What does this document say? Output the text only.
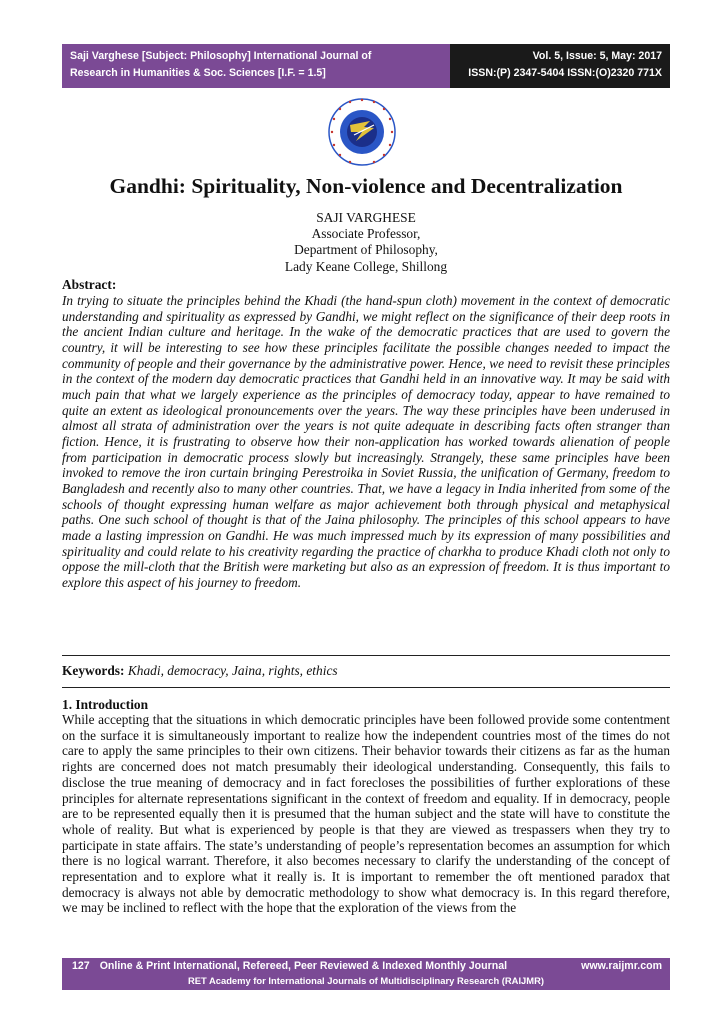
Saji Varghese [Subject: Philosophy] International Journal of
Research in Humanities & Soc. Sciences [I.F. = 1.5]
Vol. 5, Issue: 5, May: 2017
ISSN:(P) 2347-5404 ISSN:(O)2320 771X
Gandhi: Spirituality, Non-violence and Decentralization
SAJI VARGHESE
Associate Professor,
Department of Philosophy,
Lady Keane College, Shillong
Abstract:

In trying to situate the principles behind the Khadi (the hand-spun cloth) movement in the context of democratic understanding and spirituality as expressed by Gandhi, we might reflect on the significance of their deep roots in the ancient Indian culture and heritage. In the wake of the democratic practices that are used to govern the country, it will be interesting to see how these principles facilitate the possible changes needed to impact the community of people and their governance by the administrative power. Hence, we need to revisit these principles in the context of the modern day democratic practices that Gandhi held in an innovative way. It may be said with much pain that what we largely experience as the principles of democracy today, appear to have remained to quite an extent as ideological pronouncements over the years. The way these principles have been underused in almost all strata of administration over the years is not quite adequate in describing facts often stranger than fiction. Hence, it is frustrating to observe how their non-application has worked towards alienation of people from participation in democratic process slowly but increasingly. Strangely, these same principles have been invoked to remove the iron curtain bringing Perestroika in Soviet Russia, the unification of Germany, freedom to Bangladesh and recently also to many other countries. That, we have a legacy in India inherited from some of the schools of thought expressing human welfare as major achievement both through physical and metaphysical paths. One such school of thought is that of the Jaina philosophy. The principles of this school appears to have made a lasting impression on Gandhi. He was much impressed much by its expression of many possibilities and spirituality and could relate to his creativity regarding the practice of charkha to produce Khadi cloth not only to oppose the mill-cloth that the British were marketing but also as an expression of freedom. It is thus important to explore this aspect of his journey to freedom.

Keywords: Khadi, democracy, Jaina, rights, ethics
1. Introduction

While accepting that the situations in which democratic principles have been followed provide some contentment on the surface it is simultaneously important to realize how the independent countries most of the times do not care to apply the same principles to their own citizens. Their behavior towards their citizens as far as the human rights are concerned does not match presumably their ideological understanding. Consequently, this fails to disclose the true meaning of democracy and in fact forecloses the possibilities of further explorations of these principles for alternate representations significant in the context of freedom and equality. If in democracy, people are to be represented equally then it is presumed that the human subject and the state will have to constitute the whole of reality. But what is experienced by people is that they are viewed as trespassers when they try to participate in state affairs. The state’s understanding of people’s representation becomes an assumption for which there is no logical warrant. Therefore, it also becomes necessary to clarify the understanding of the concept of representation and to explore what it really is. It is important to remember the oft mentioned paradox that democracy is always not able by democratic methodology to show what democracy is. In this regard therefore, we may be inclined to reflect with the hope that the exploration of the views from the

127 Online & Print International, Refereed, Peer Reviewed & Indexed Monthly Journal	www.raijmr.com
RET Academy for International Journals of Multidisciplinary Research (RAIJMR)
